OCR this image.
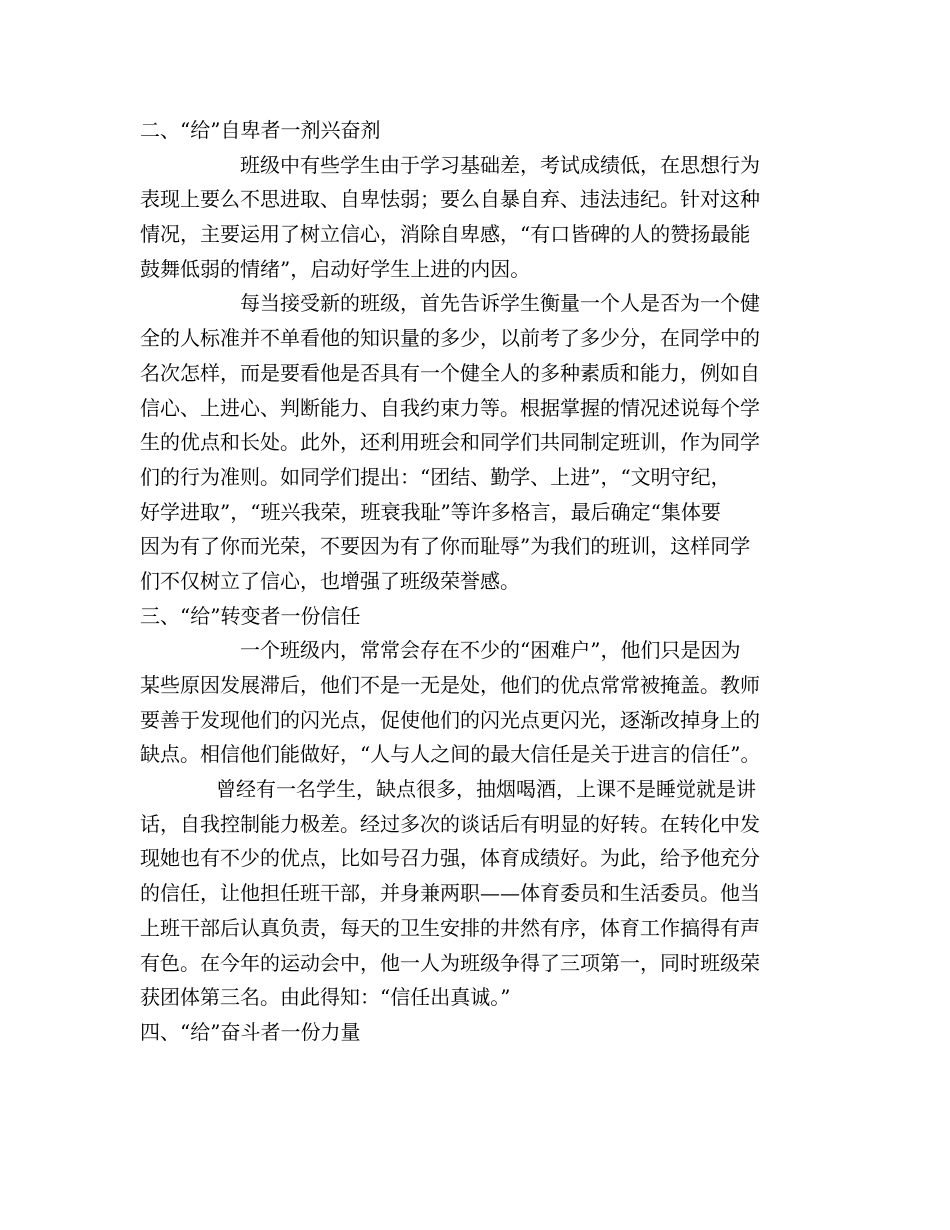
二、“给”自卑者一剂兴奋剂
班级中有些学生由于学习基础差，考试成绩低，在思想行为
表现上要么不思进取、自卑怯弱；要么自暴自弃、违法违纪。针对这种
情况，主要运用了树立信心，消除自卑感，“有口皆碑的人的赞扬最能
鼓舞低弱的情绪”，启动好学生上进的内因。
每当接受新的班级，首先告诉学生衡量一个人是否为一个健
全的人标准并不单看他的知识量的多少，以前考了多少分，在同学中的
名次怎样，而是要看他是否具有一个健全人的多种素质和能力，例如自
信心、上进心、判断能力、自我约束力等。根据掌握的情况述说每个学
生的优点和长处。此外，还利用班会和同学们共同制定班训，作为同学
们的行为准则。如同学们提出：“团结、勤学、上进”，“文明守纪，
好学进取”，“班兴我荣，班衰我耻”等许多格言，最后确定“集体要
因为有了你而光荣，不要因为有了你而耻辱”为我们的班训，这样同学
们不仅树立了信心，也增强了班级荣誉感。
三、“给”转变者一份信任
一个班级内，常常会存在不少的“困难户”，他们只是因为
某些原因发展滞后，他们不是一无是处，他们的优点常常被掩盖。教师
要善于发现他们的闪光点，促使他们的闪光点更闪光，逐渐改掉身上的
缺点。相信他们能做好，“人与人之间的最大信任是关于进言的信任”。
曾经有一名学生，缺点很多，抽烟喝酒，上课不是睡觉就是讲
话，自我控制能力极差。经过多次的谈话后有明显的好转。在转化中发
现她也有不少的优点，比如号召力强，体育成绩好。为此，给予他充分
的信任，让他担任班干部，并身兼两职——体育委员和生活委员。他当
上班干部后认真负责，每天的卫生安排的井然有序，体育工作搞得有声
有色。在今年的运动会中，他一人为班级争得了三项第一，同时班级荣
获团体第三名。由此得知：“信任出真诚。”
四、“给”奋斗者一份力量
